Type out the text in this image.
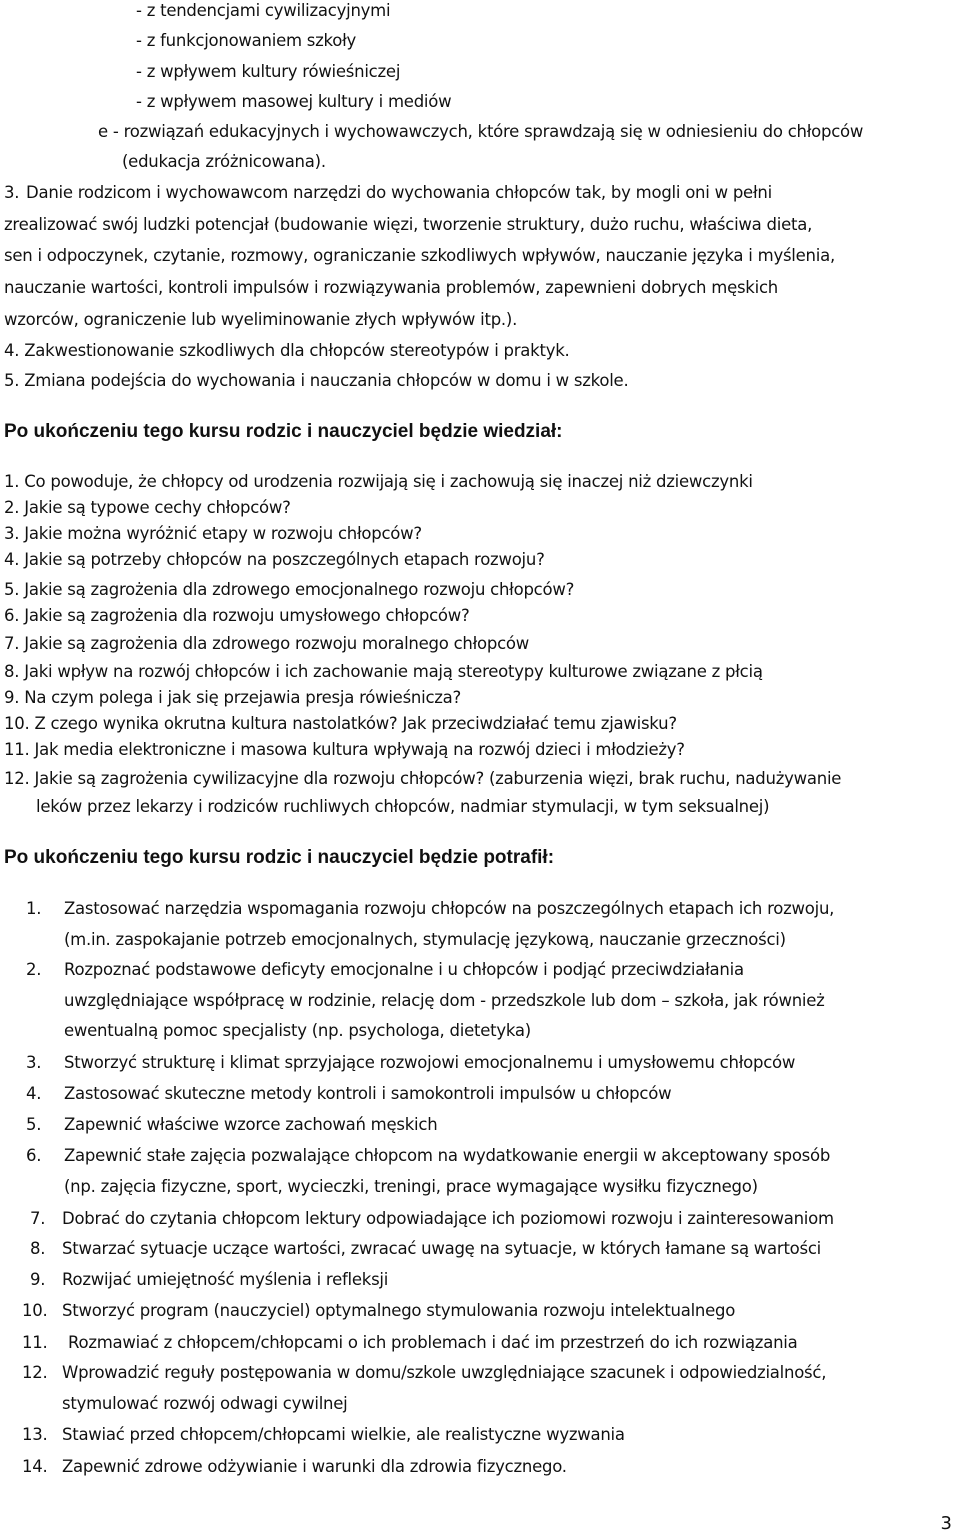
- z tendencjami cywilizacyjnymi
- z funkcjonowaniem szkoły
- z wpływem kultury rówieśniczej
- z wpływem masowej kultury i mediów
e - rozwiązań edukacyjnych i wychowawczych, które sprawdzają się w odniesieniu do chłopców
(edukacja zróżnicowana).
3. Danie rodzicom i wychowawcom narzędzi do wychowania chłopców tak, by mogli oni w pełni
zrealizować swój ludzki potencjał (budowanie więzi, tworzenie struktury, dużo ruchu, właściwa dieta,
sen i odpoczynek, czytanie, rozmowy, ograniczanie szkodliwych wpływów, nauczanie języka i myślenia,
nauczanie wartości, kontroli impulsów i rozwiązywania problemów, zapewnieni dobrych męskich
wzorców, ograniczenie lub wyeliminowanie złych wpływów itp.).
4. Zakwestionowanie szkodliwych dla chłopców stereotypów i praktyk.
5. Zmiana podejścia do wychowania i nauczania chłopców w domu i w szkole.
Po ukończeniu tego kursu rodzic i nauczyciel będzie wiedział:
1. Co powoduje, że chłopcy od urodzenia rozwijają się i zachowują się inaczej niż dziewczynki
2. Jakie są typowe cechy chłopców?
3. Jakie można wyróżnić etapy w rozwoju chłopców?
4. Jakie są potrzeby chłopców na poszczególnych etapach rozwoju?
5. Jakie są zagrożenia dla zdrowego emocjonalnego rozwoju chłopców?
6. Jakie są zagrożenia dla rozwoju umysłowego chłopców?
7. Jakie są zagrożenia dla zdrowego rozwoju moralnego chłopców
8. Jaki wpływ na rozwój chłopców i ich zachowanie mają stereotypy kulturowe związane z płcią
9. Na czym polega i jak się przejawia presja rówieśnicza?
10. Z czego wynika okrutna kultura nastolatków? Jak przeciwdziałać temu zjawisku?
11. Jak media elektroniczne i masowa kultura wpływają na rozwój dzieci i młodzieży?
12. Jakie są zagrożenia cywilizacyjne dla rozwoju chłopców? (zaburzenia więzi, brak ruchu, nadużywanie
leków przez lekarzy i rodziców ruchliwych chłopców, nadmiar stymulacji, w tym seksualnej)
Po ukończeniu tego kursu rodzic i nauczyciel będzie potrafił:
1. Zastosować narzędzia wspomagania rozwoju chłopców na poszczególnych etapach ich rozwoju,
(m.in. zaspokajanie potrzeb emocjonalnych, stymulację językową, nauczanie grzeczności)
2. Rozpoznać podstawowe deficyty emocjonalne i u chłopców i podjąć przeciwdziałania
uwzględniające współpracę w rodzinie, relację dom - przedszkole lub dom – szkoła, jak również
ewentualną pomoc specjalisty (np. psychologa, dietetyka)
3. Stworzyć strukturę i klimat sprzyjające rozwojowi emocjonalnemu i umysłowemu chłopców
4. Zastosować skuteczne metody kontroli i samokontroli impulsów u chłopców
5. Zapewnić właściwe wzorce zachowań męskich
6. Zapewnić stałe zajęcia pozwalające chłopcom na wydatkowanie energii w akceptowany sposób
(np. zajęcia fizyczne, sport, wycieczki, treningi, prace wymagające wysiłku fizycznego)
7. Dobrać do czytania chłopcom lektury odpowiadające ich poziomowi rozwoju i zainteresowaniom
8. Stwarzać sytuacje uczące wartości, zwracać uwagę na sytuacje, w których łamane są wartości
9. Rozwijać umiejętność myślenia i refleksji
10. Stworzyć program (nauczyciel) optymalnego stymulowania rozwoju intelektualnego
11. Rozmawiać z chłopcem/chłopcami o ich problemach i dać im przestrzeń do ich rozwiązania
12. Wprowadzić reguły postępowania w domu/szkole uwzględniające szacunek i odpowiedzialność,
stymulować rozwój odwagi cywilnej
13. Stawiać przed chłopcem/chłopcami wielkie, ale realistyczne wyzwania
14. Zapewnić zdrowe odżywianie i warunki dla zdrowia fizycznego.
3
